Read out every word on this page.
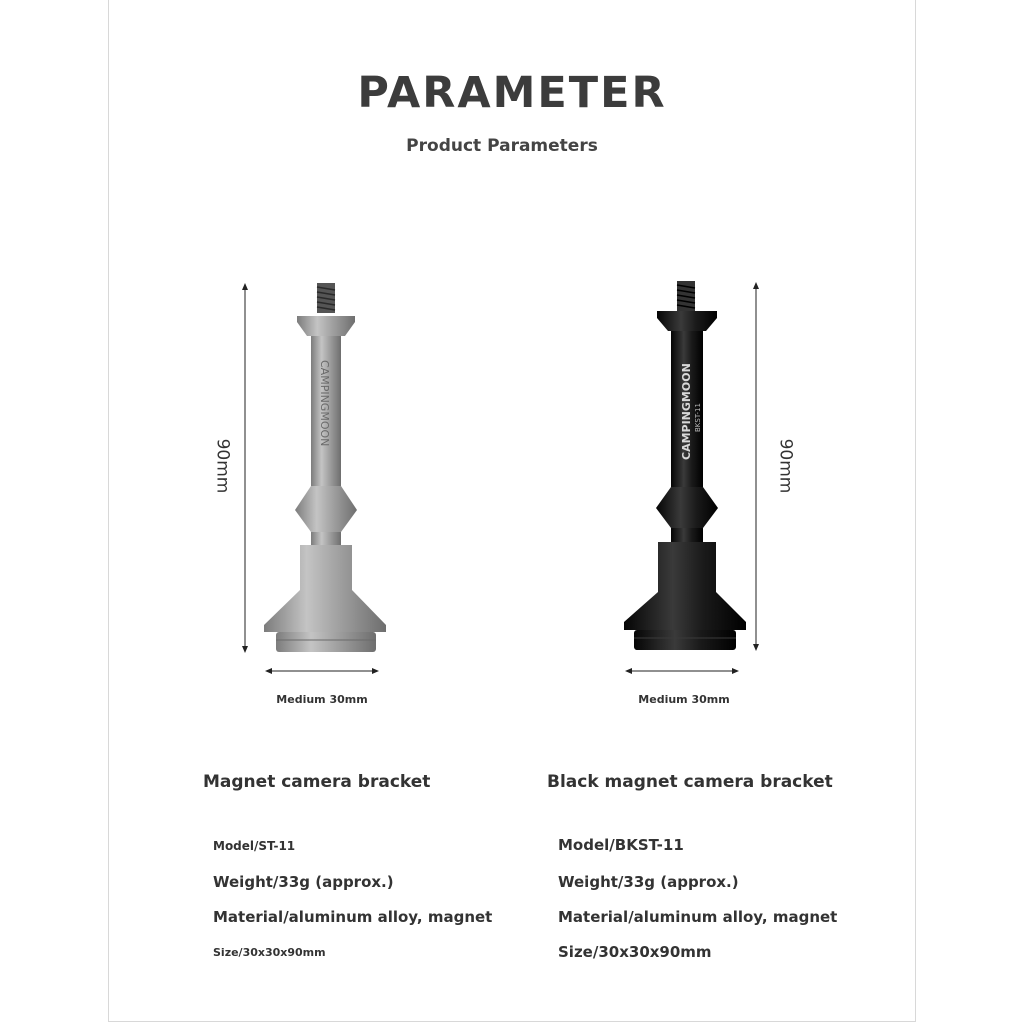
PARAMETER
Product Parameters
CAMPINGMOON	CAMPINGMOON BKST-11
90mm	90mm
Medium 30mm	Medium 30mm
Magnet camera bracket	Black magnet camera bracket
Model/ST-11
Weight/33g (approx.)
Material/aluminum alloy, magnet
Size/30x30x90mm
Model/BKST-11
Weight/33g (approx.)
Material/aluminum alloy, magnet
Size/30x30x90mm
